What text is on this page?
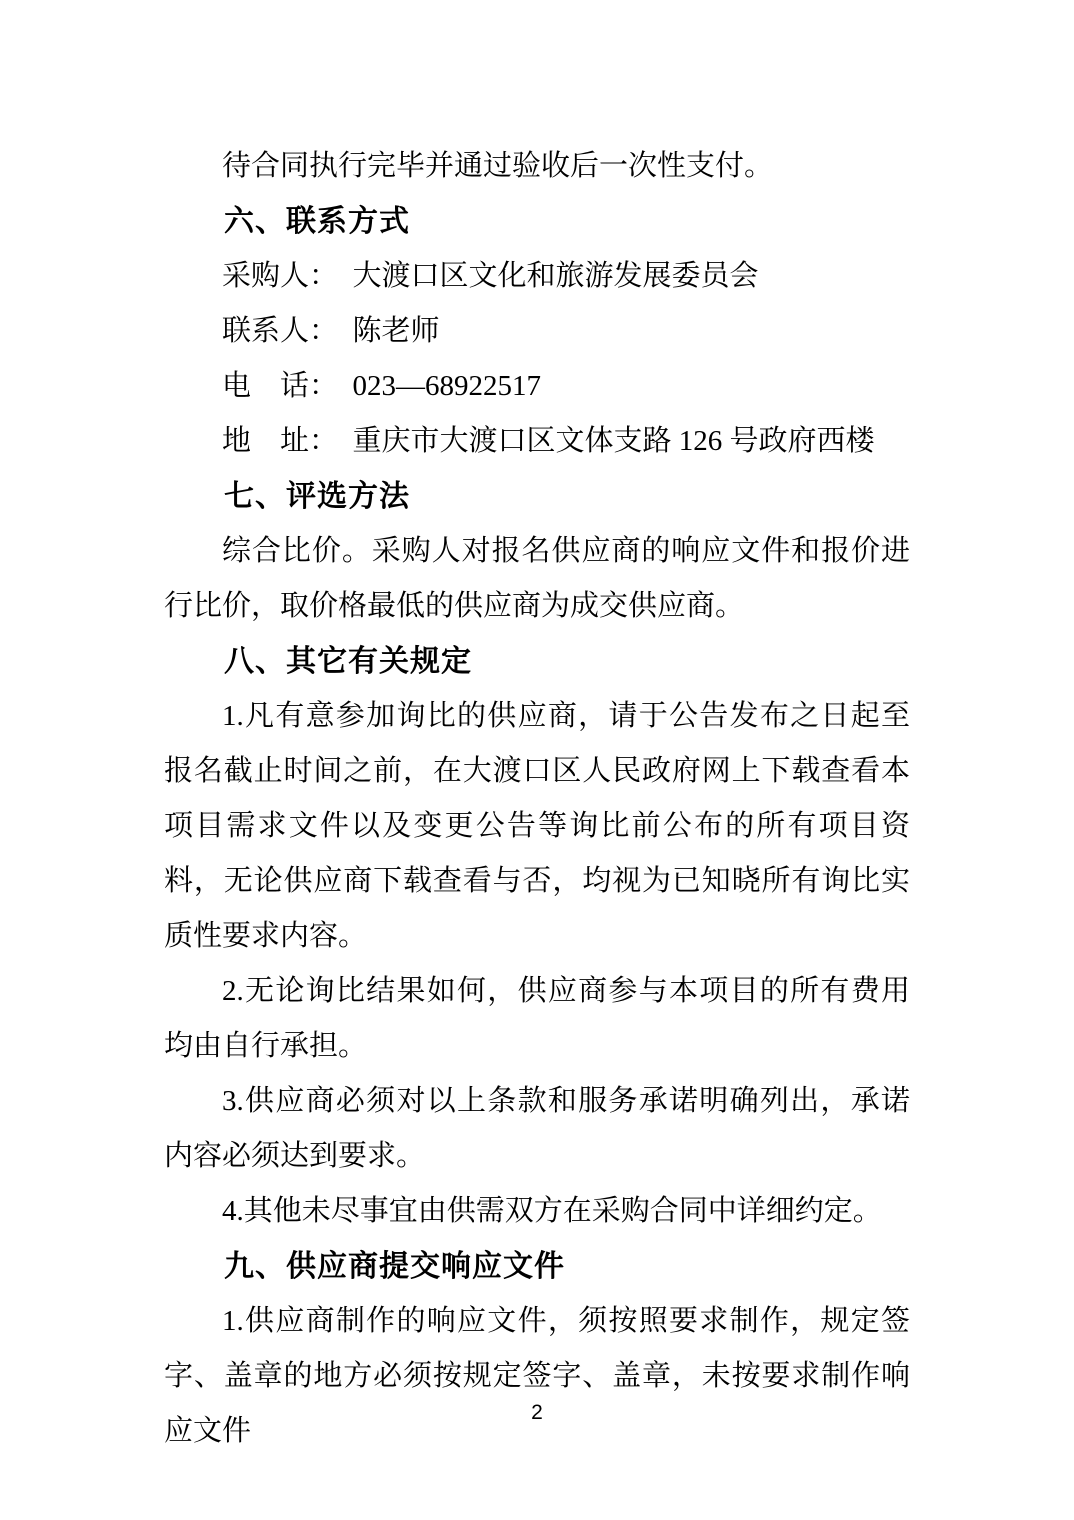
待合同执行完毕并通过验收后一次性支付。

六、联系方式

采购人：　大渡口区文化和旅游发展委员会

联系人：　陈老师

电　话：　023—68922517

地　址：　重庆市大渡口区文体支路 126 号政府西楼

七、评选方法

综合比价。采购人对报名供应商的响应文件和报价进行比价，取价格最低的供应商为成交供应商。

八、其它有关规定

1.凡有意参加询比的供应商，请于公告发布之日起至报名截止时间之前，在大渡口区人民政府网上下载查看本项目需求文件以及变更公告等询比前公布的所有项目资料，无论供应商下载查看与否，均视为已知晓所有询比实质性要求内容。

2.无论询比结果如何，供应商参与本项目的所有费用均由自行承担。

3.供应商必须对以上条款和服务承诺明确列出，承诺内容必须达到要求。

4.其他未尽事宜由供需双方在采购合同中详细约定。

九、供应商提交响应文件

1.供应商制作的响应文件，须按照要求制作，规定签字、盖章的地方必须按规定签字、盖章，未按要求制作响应文件

2
